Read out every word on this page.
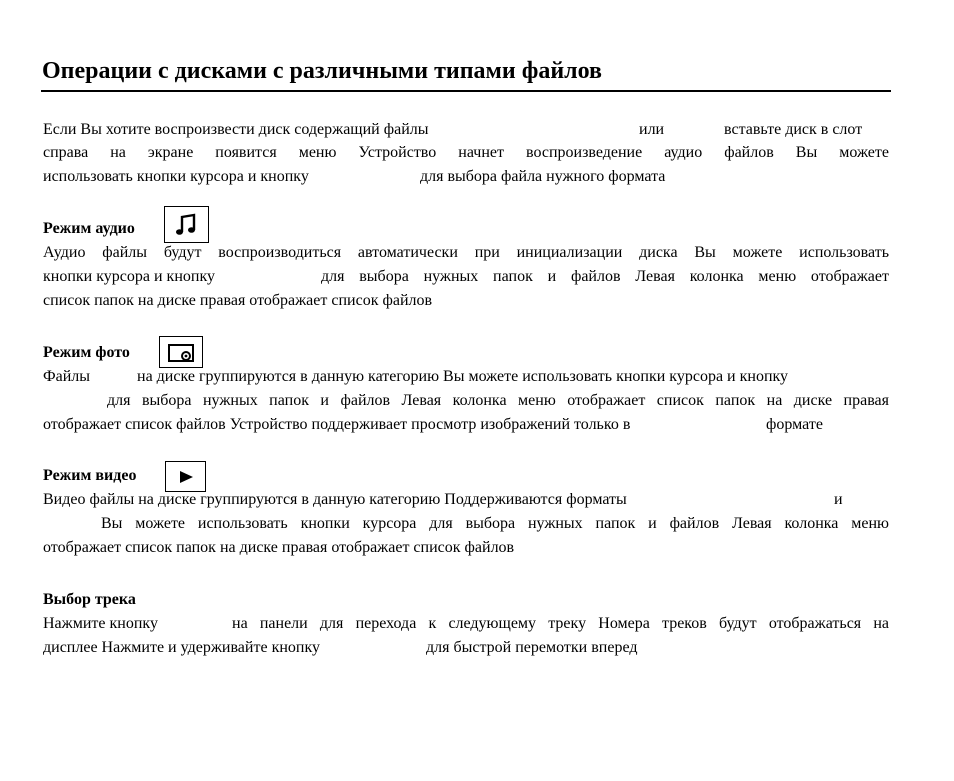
Операции с дисками с различными типами файлов
Если Вы хотите воспроизвести диск содержащий файлы	или	вставьте диск в слот
справа на экране появится меню Устройство начнет воспроизведение аудио файлов Вы можете
использовать кнопки курсора и кнопку	для выбора файла нужного формата
Режим аудио
Аудио файлы будут воспроизводиться автоматически при инициализации диска Вы можете использовать
кнопки курсора и кнопку	для выбора нужных папок и файлов Левая колонка меню отображает
список папок на диске правая отображает список файлов
Режим фото
Файлы	на диске группируются в данную категорию Вы можете использовать кнопки курсора и кнопку
для выбора нужных папок и файлов Левая колонка меню отображает список папок на диске правая
отображает список файлов Устройство поддерживает просмотр изображений только в	формате
Режим видео
Видео файлы на диске группируются в данную категорию Поддерживаются форматы	и
Вы можете использовать кнопки курсора для выбора нужных папок и файлов Левая колонка меню
отображает список папок на диске правая отображает список файлов
Выбор трека
Нажмите кнопку	на панели для перехода к следующему треку Номера треков будут отображаться на
дисплее Нажмите и удерживайте кнопку	для быстрой перемотки вперед
